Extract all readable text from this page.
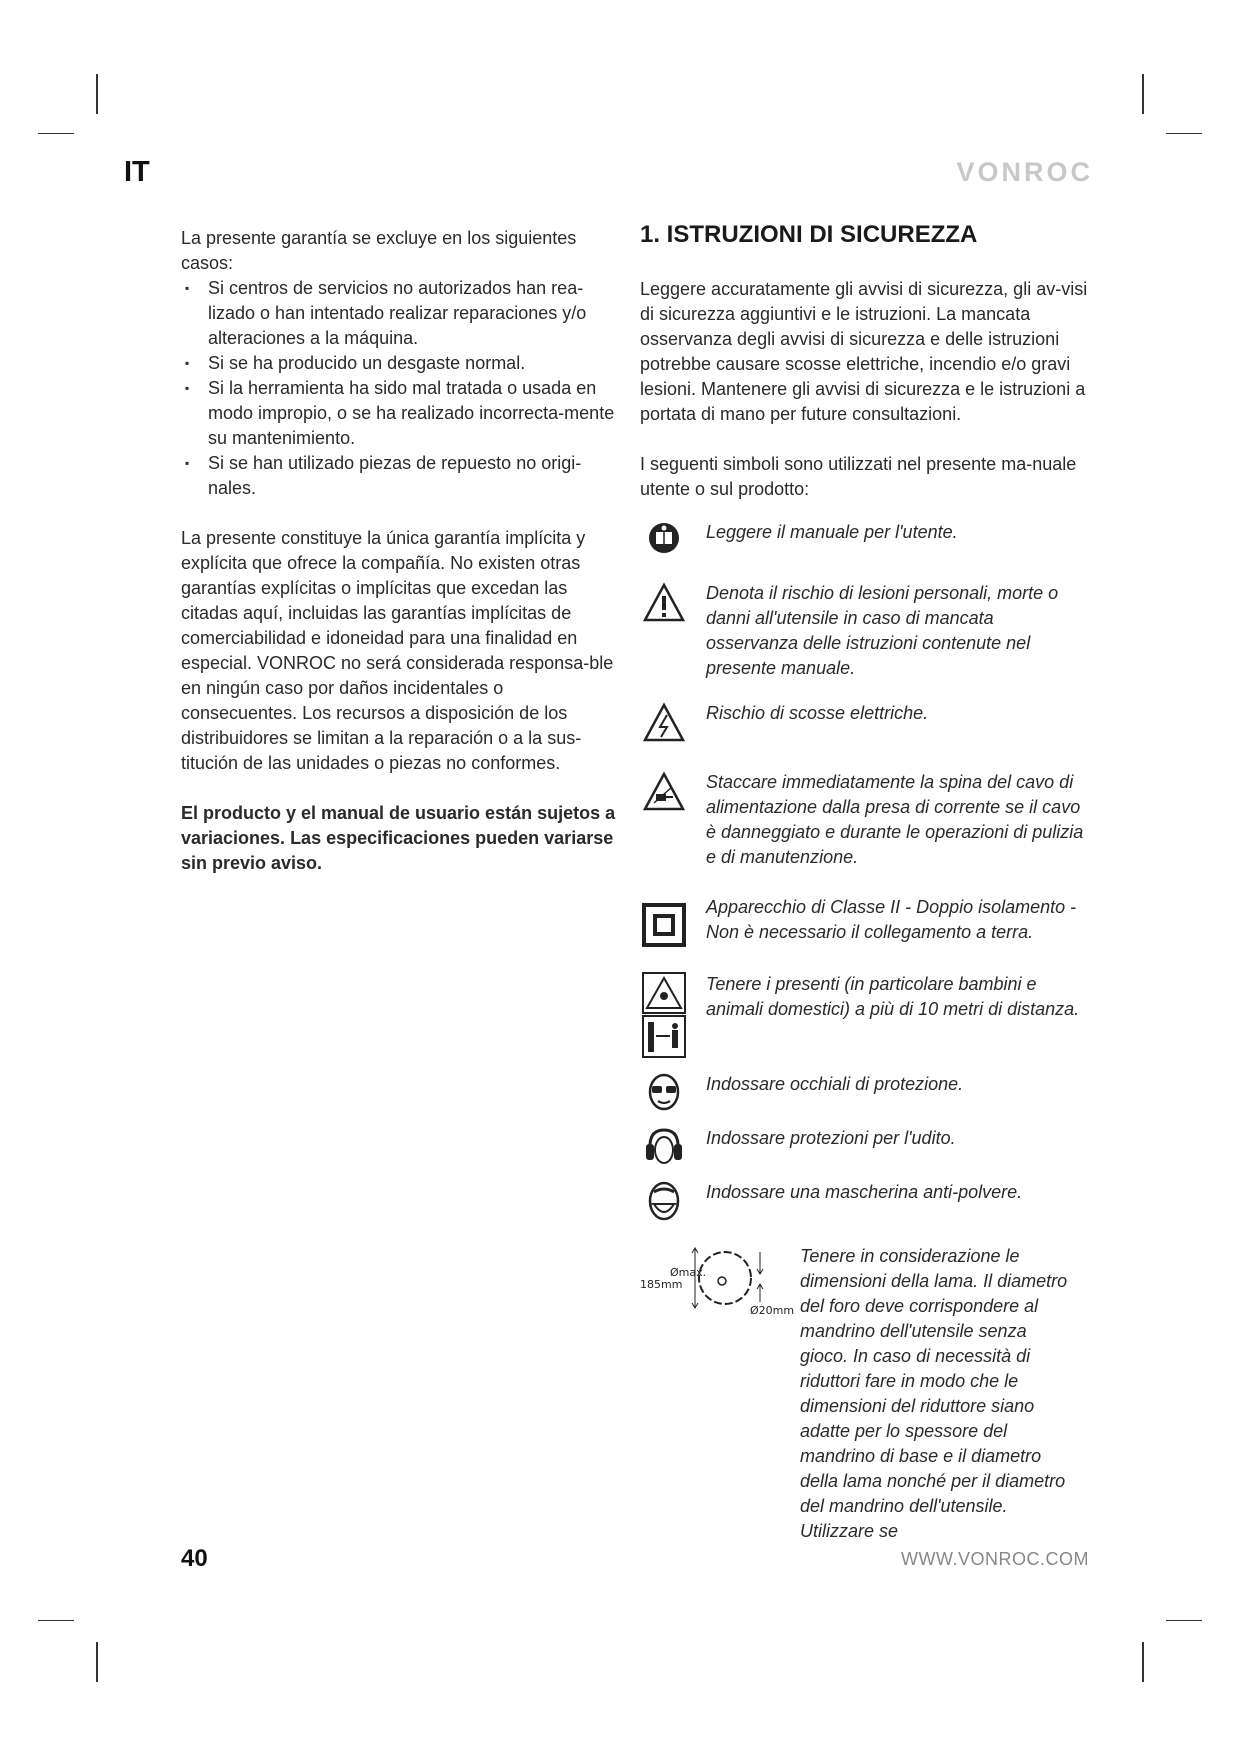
IT	VONROC

La presente garantía se excluye en los siguientes casos:

▪ Si centros de servicios no autorizados han rea-lizado o han intentado realizar reparaciones y/o alteraciones a la máquina.
▪ Si se ha producido un desgaste normal.
▪ Si la herramienta ha sido mal tratada o usada en modo impropio, o se ha realizado incorrecta-mente su mantenimiento.
▪ Si se han utilizado piezas de repuesto no origi-nales.

La presente constituye la única garantía implícita y explícita que ofrece la compañía. No existen otras garantías explícitas o implícitas que excedan las citadas aquí, incluidas las garantías implícitas de comerciabilidad e idoneidad para una finalidad en especial. VONROC no será considerada responsa-ble en ningún caso por daños incidentales o consecuentes. Los recursos a disposición de los distribuidores se limitan a la reparación o a la sus-titución de las unidades o piezas no conformes.

El producto y el manual de usuario están sujetos a variaciones. Las especificaciones pueden variarse sin previo aviso.

1. ISTRUZIONI DI SICUREZZA

Leggere accuratamente gli avvisi di sicurezza, gli av-visi di sicurezza aggiuntivi e le istruzioni. La mancata osservanza degli avvisi di sicurezza e delle istruzioni potrebbe causare scosse elettriche, incendio e/o gravi lesioni. Mantenere gli avvisi di sicurezza e le istruzioni a portata di mano per future consultazioni.

I seguenti simboli sono utilizzati nel presente ma-nuale utente o sul prodotto:

Leggere il manuale per l'utente.
Denota il rischio di lesioni personali, morte o danni all'utensile in caso di mancata osservanza delle istruzioni contenute nel presente manuale.
Rischio di scosse elettriche.
Staccare immediatamente la spina del cavo di alimentazione dalla presa di corrente se il cavo è danneggiato e durante le operazioni di pulizia e di manutenzione.
Apparecchio di Classe II - Doppio isolamento - Non è necessario il collegamento a terra.
Tenere i presenti (in particolare bambini e animali domestici) a più di 10 metri di distanza.
Indossare occhiali di protezione.
Indossare protezioni per l'udito.
Indossare una mascherina anti-polvere.
Ømax.
185mm
Ø20mm
Tenere in considerazione le dimensioni della lama. Il diametro del foro deve corrispondere al mandrino dell'utensile senza gioco. In caso di necessità di riduttori fare in modo che le dimensioni del riduttore siano adatte per lo spessore del mandrino di base e il diametro della lama nonché per il diametro del mandrino dell'utensile. Utilizzare se
40	WWW.VONROC.COM
